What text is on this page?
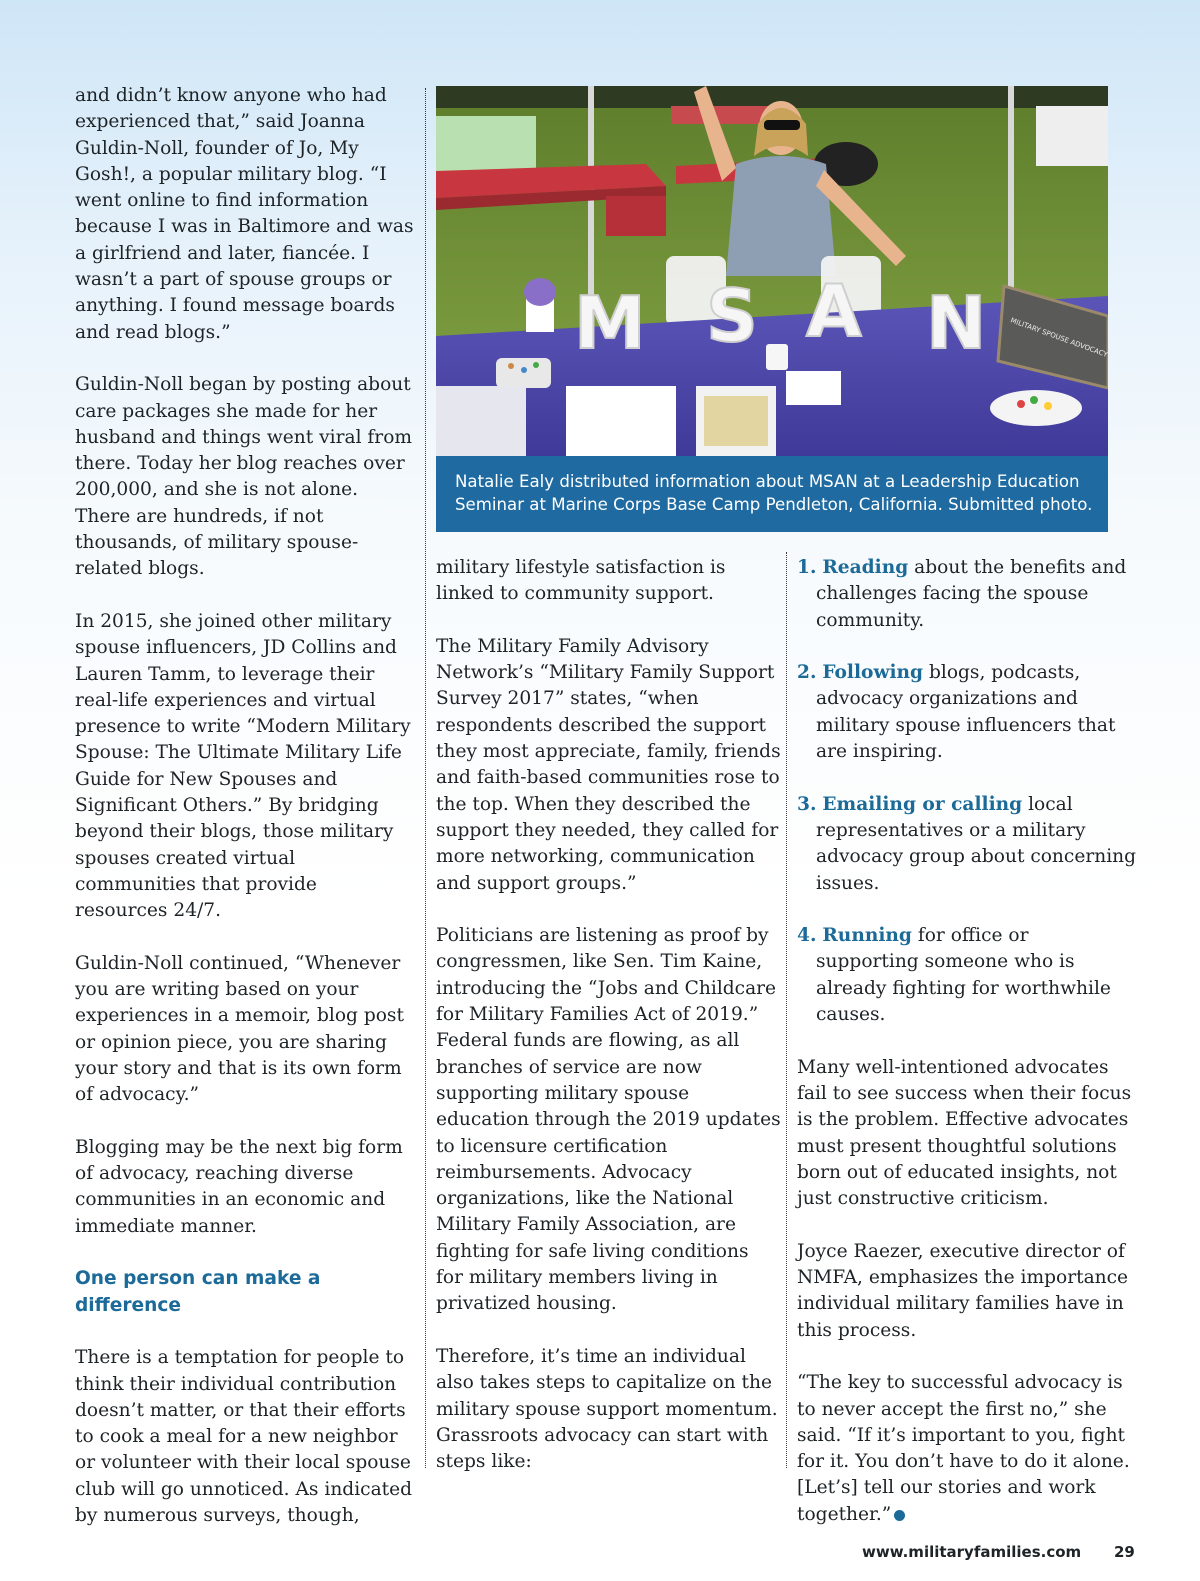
and didn’t know anyone who had experienced that,” said Joanna Guldin-Noll, founder of Jo, My Gosh!, a popular military blog. “I went online to find information because I was in Baltimore and was a girlfriend and later, fiancée. I wasn’t a part of spouse groups or anything. I found message boards and read blogs.”

Guldin-Noll began by posting about care packages she made for her husband and things went viral from there. Today her blog reaches over 200,000, and she is not alone. There are hundreds, if not thousands, of military spouse-related blogs.

In 2015, she joined other military spouse influencers, JD Collins and Lauren Tamm, to leverage their real-life experiences and virtual presence to write “Modern Military Spouse: The Ultimate Military Life Guide for New Spouses and Significant Others.” By bridging beyond their blogs, those military spouses created virtual communities that provide resources 24/7.

Guldin-Noll continued, “Whenever you are writing based on your experiences in a memoir, blog post or opinion piece, you are sharing your story and that is its own form of advocacy.”

Blogging may be the next big form of advocacy, reaching diverse communities in an economic and immediate manner.

One person can make a difference

There is a temptation for people to think their individual contribution doesn’t matter, or that their efforts to cook a meal for a new neighbor or volunteer with their local spouse club will go unnoticed. As indicated by numerous surveys, though,

M S A N
Natalie Ealy distributed information about MSAN at a Leadership Education Seminar at Marine Corps Base Camp Pendleton, California. Submitted photo.

military lifestyle satisfaction is linked to community support.

The Military Family Advisory Network’s “Military Family Support Survey 2017” states, “when respondents described the support they most appreciate, family, friends and faith-based communities rose to the top. When they described the support they needed, they called for more networking, communication and support groups.”

Politicians are listening as proof by congressmen, like Sen. Tim Kaine, introducing the “Jobs and Childcare for Military Families Act of 2019.” Federal funds are flowing, as all branches of service are now supporting military spouse education through the 2019 updates to licensure certification reimbursements. Advocacy organizations, like the National Military Family Association, are fighting for safe living conditions for military members living in privatized housing.

Therefore, it’s time an individual also takes steps to capitalize on the military spouse support momentum. Grassroots advocacy can start with steps like:

1. Reading about the benefits and challenges facing the spouse community.

2. Following blogs, podcasts, advocacy organizations and military spouse influencers that are inspiring.

3. Emailing or calling local representatives or a military advocacy group about concerning issues.

4. Running for office or supporting someone who is already fighting for worthwhile causes.

Many well-intentioned advocates fail to see success when their focus is the problem. Effective advocates must present thoughtful solutions born out of educated insights, not just constructive criticism.

Joyce Raezer, executive director of NMFA, emphasizes the importance individual military families have in this process.

“The key to successful advocacy is to never accept the first no,” she said. “If it’s important to you, fight for it. You don’t have to do it alone. [Let’s] tell our stories and work together.”

www.militaryfamilies.com 29
